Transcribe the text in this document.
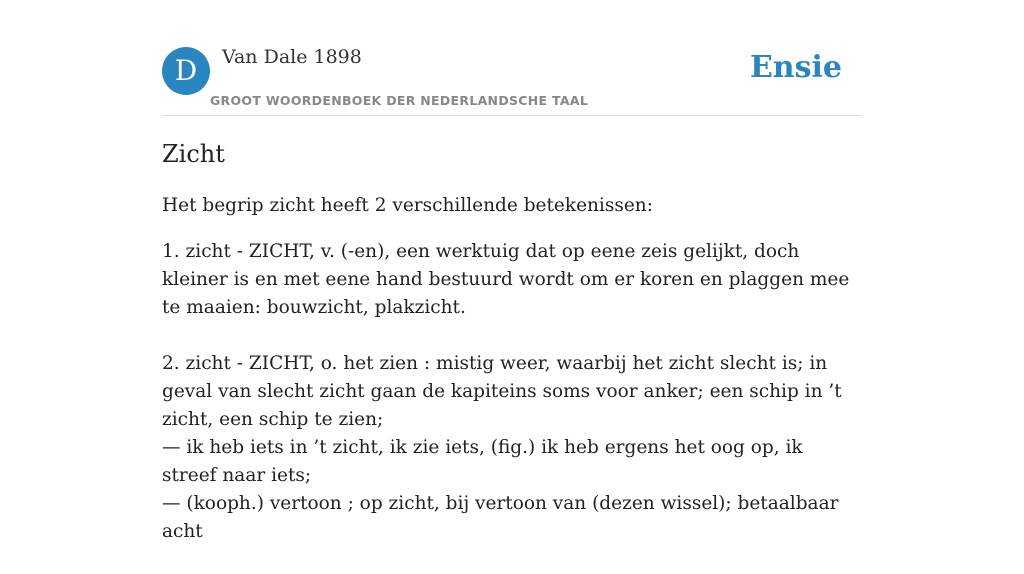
D	Van Dale 1898
GROOT WOORDENBOEK DER NEDERLANDSCHE TAAL
Ensie
Zicht

Het begrip zicht heeft 2 verschillende betekenissen:

1. zicht - ZICHT, v. (-en), een werktuig dat op eene zeis gelijkt, doch kleiner is en met eene hand bestuurd wordt om er koren en plaggen mee te maaien: bouwzicht, plakzicht.

2. zicht - ZICHT, o. het zien : mistig weer, waarbij het zicht slecht is; in geval van slecht zicht gaan de kapiteins soms voor anker; een schip in ’t zicht, een schip te zien;

— ik heb iets in ’t zicht, ik zie iets, (fig.) ik heb ergens het oog op, ik streef naar iets;

— (kooph.) vertoon ; op zicht, bij vertoon van (dezen wissel); betaalbaar acht
